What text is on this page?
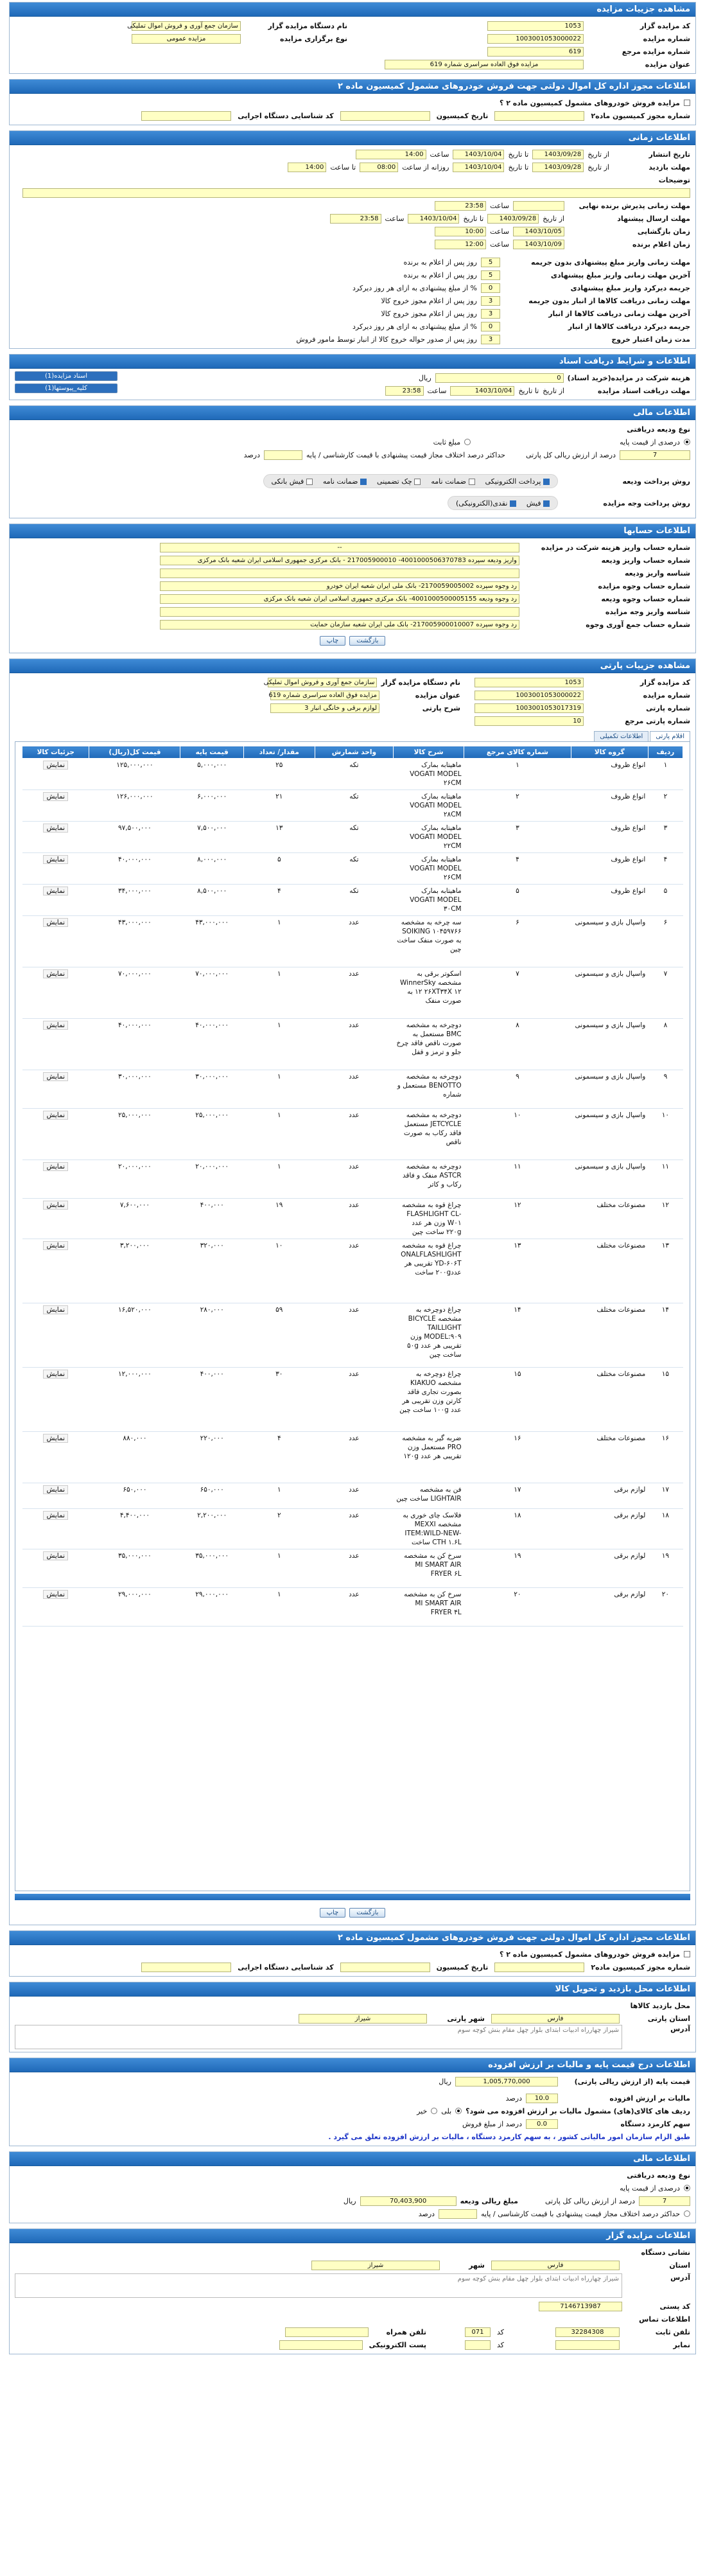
مشاهده جزییات مزایده
کد مزایده گزار
1053
نام دستگاه مزایده گزار
سازمان جمع آوری و فروش اموال تمليکی
شماره مزایده
1003001053000022
نوع برگزاری مزایده
مزایده عمومی
شماره مزایده مرجع
619
عنوان مزایده
مزایده فوق العاده سراسری شماره 619
اطلاعات مجوز اداره کل اموال دولتی جهت فروش خودروهای مشمول کمیسیون ماده ۲
مزایده فروش خودروهای مشمول کمیسیون ماده ۲ ؟
شماره مجوز کمیسیون ماده۲
تاریخ کمیسیون
کد شناسایی دستگاه اجرایی
اطلاعات زمانی
تاریخ انتشار
از تاریخ
1403/09/28
تا تاریخ
1403/10/04
ساعت
14:00
مهلت بازدید
از تاریخ
1403/09/28
تا تاریخ
1403/10/04
روزانه از ساعت
08:00
تا ساعت
14:00
توضیحات
مهلت زمانی پذیرش برنده نهایی
ساعت
23:58
مهلت ارسال پیشنهاد
از تاریخ
1403/09/28
تا تاریخ
1403/10/04
ساعت
23:58
زمان بازگشایی
1403/10/05
ساعت
10:00
زمان اعلام برنده
1403/10/09
ساعت
12:00
مهلت زمانی واریز مبلغ پیشنهادی بدون جریمه
5
روز پس از اعلام به برنده
آخرین مهلت زمانی واریز مبلغ پیشنهادی
5
روز پس از اعلام به برنده
جریمه دیرکرد واریز مبلغ پیشنهادی
0
% از مبلغ پیشنهادی به ازای هر روز دیرکرد
مهلت زمانی دریافت کالاها از انبار بدون جریمه
3
روز پس از اعلام مجوز خروج کالا
آخرین مهلت زمانی دریافت کالاها از انبار
3
روز پس از اعلام مجوز خروج کالا
جریمه دیرکرد دریافت کالاها از انبار
0
% از مبلغ پیشنهادی به ازای هر روز دیرکرد
مدت زمان اعتبار خروج
3
روز پس از صدور حواله خروج کالا از انبار توسط مامور فروش
اطلاعات و شرایط دریافت اسناد
هزینه شرکت در مزایده(خرید اسناد)
0
ریال
مهلت دریافت اسناد مزایده
از تاریخ
تا تاریخ
1403/10/04
ساعت
23:58
اسناد مزایده(1)
کلیه_پیوستها(1)
اطلاعات مالی
نوع ودیعه دریافتی
درصدی از قیمت پایه
مبلغ ثابت
7
درصد از ارزش ریالی کل پارتی
حداکثر درصد اختلاف مجاز قیمت پیشنهادی با قیمت کارشناسی / پایه
درصد
روش پرداخت ودیعه
پرداخت الکترونیکی
ضمانت نامه
چک تضمینی
ضمانت نامه
فیش بانکی
روش پرداخت وجه مزایده
فیش
نقدی(الکترونیکی)
اطلاعات حسابها
شماره حساب واریز هزینه شرکت در مزایده
--
شماره حساب واریز ودیعه
واریز ودیعه سپرده 4001000506370783- 217005900010 - بانک مرکزی جمهوری اسلامی ایران شعبه بانک مرکزی
شناسه واریز ودیعه
شماره حساب وجوه مزایده
رد وجوه سپرده 2170059005002- بانک ملی ایران شعبه ایران خودرو
شماره حساب وجوه ودیعه
رد وجوه ودیعه 4001000500005155- بانک مرکزی جمهوری اسلامی ایران شعبه بانک مرکزی
شناسه واریز وجه مزایده
شماره حساب جمع آوری وجوه
رد وجوه سپرده 217005900010007- بانک ملی ایران شعبه سازمان حمایت
بازگشت
چاپ
مشاهده جزییات پارتی
کد مزایده گزار
1053
نام دستگاه مزایده گزار
سازمان جمع آوری و فروش اموال تمليکی
شماره مزایده
1003001053000022
عنوان مزایده
مزایده فوق العاده سراسری شماره 619
شماره پارتی
1003001053017319
شرح پارتی
لوازم برقی و خانگی انبار 3
شماره پارتی مرجع
10
اقلام پارتی
اطلاعات تکمیلی
ردیف	گروه کالا	شماره کالای مرجع	شرح کالا	واحد شمارش	مقدار/ تعداد	قیمت پایه	قیمت کل(ریال)	جزئیات کالا
۱	انواع ظروف	۱	ماهیتابه بمارک VOGATI MODEL ۲۶CM	تکه	۲۵	۵,۰۰۰,۰۰۰	۱۲۵,۰۰۰,۰۰۰	نمایش
۲	انواع ظروف	۲	ماهیتابه بمارک VOGATI MODEL ۲۸CM	تکه	۲۱	۶,۰۰۰,۰۰۰	۱۲۶,۰۰۰,۰۰۰	نمایش
۳	انواع ظروف	۳	ماهیتابه بمارک VOGATI MODEL ۲۲CM	تکه	۱۳	۷,۵۰۰,۰۰۰	۹۷,۵۰۰,۰۰۰	نمایش
۴	انواع ظروف	۴	ماهیتابه بمارک VOGATI MODEL ۲۶CM	تکه	۵	۸,۰۰۰,۰۰۰	۴۰,۰۰۰,۰۰۰	نمایش
۵	انواع ظروف	۵	ماهیتابه بمارک VOGATI MODEL ۳۰CM	تکه	۴	۸,۵۰۰,۰۰۰	۳۴,۰۰۰,۰۰۰	نمایش
۶	واسپال بازی و سیسمونی	۶	سه چرخه به مشخصه SOIKING ۱۰۴۵۹۷۶۶ به صورت منفک ساخت چین	عدد	۱	۴۳,۰۰۰,۰۰۰	۴۳,۰۰۰,۰۰۰	نمایش
۷	واسپال بازی و سیسمونی	۷	اسکوتر برقی به مشخصه WinnerSky ۱۲ ۲۶XT۳۴X ۱۲ به صورت منفک	عدد	۱	۷۰,۰۰۰,۰۰۰	۷۰,۰۰۰,۰۰۰	نمایش
۸	واسپال بازی و سیسمونی	۸	دوچرخه به مشخصه BMC مستعمل به صورت ناقص فاقد چرخ جلو و ترمز و قفل	عدد	۱	۴۰,۰۰۰,۰۰۰	۴۰,۰۰۰,۰۰۰	نمایش
۹	واسپال بازی و سیسمونی	۹	دوچرخه به مشخصه BENOTTO مستعمل و شماره	عدد	۱	۳۰,۰۰۰,۰۰۰	۳۰,۰۰۰,۰۰۰	نمایش
۱۰	واسپال بازی و سیسمونی	۱۰	دوچرخه به مشخصه JETCYCLE مستعمل فاقد رکاب به صورت ناقص	عدد	۱	۲۵,۰۰۰,۰۰۰	۲۵,۰۰۰,۰۰۰	نمایش
۱۱	واسپال بازی و سیسمونی	۱۱	دوچرخه به مشخصه ASTCR منفک و فاقد رکاب و کاتر	عدد	۱	۲۰,۰۰۰,۰۰۰	۲۰,۰۰۰,۰۰۰	نمایش
۱۲	مصنوعات مختلف	۱۲	چراغ قوه به مشخصه FLASHLIGHT CL-W۰۱ وزن هر عدد ۲۲۰g ساخت چین	عدد	۱۹	۴۰۰,۰۰۰	۷,۶۰۰,۰۰۰	نمایش
۱۳	مصنوعات مختلف	۱۳	چراغ قوه به مشخصه ONALFLASHLIGHT YD-۶۰۶T تقریبی هر عدد۲۰۰g ساخت	عدد	۱۰	۳۲۰,۰۰۰	۳,۲۰۰,۰۰۰	نمایش
۱۴	مصنوعات مختلف	۱۴	چراغ دوچرخه به مشخصه BICYCLE TAILLIGHT MODEL:۹۰۹ وزن تقریبی هر عدد ۵۰g ساخت چین	عدد	۵۹	۲۸۰,۰۰۰	۱۶,۵۲۰,۰۰۰	نمایش
۱۵	مصنوعات مختلف	۱۵	چراغ دوچرخه به مشخصه KIAKUO بصورت تجاری فاقد کارتن وزن تقریبی هر عدد ۱۰۰g ساخت چین	عدد	۳۰	۴۰۰,۰۰۰	۱۲,۰۰۰,۰۰۰	نمایش
۱۶	مصنوعات مختلف	۱۶	ضربه گیر به مشخصه PRO مستعمل وزن تقریبی هر عدد ۱۲۰g	عدد	۴	۲۲۰,۰۰۰	۸۸۰,۰۰۰	نمایش
۱۷	لوازم برقی	۱۷	فن به مشخصه LIGHTAIR ساخت چین	عدد	۱	۶۵۰,۰۰۰	۶۵۰,۰۰۰	نمایش
۱۸	لوازم برقی	۱۸	فلاسک چای خوری به مشخصه MEXXI ITEM:WILD-NEW-CTH ۱.۶L ساخت	عدد	۲	۲,۲۰۰,۰۰۰	۴,۴۰۰,۰۰۰	نمایش
۱۹	لوازم برقی	۱۹	سرخ کن به مشخصه MI SMART AIR FRYER ۶L	عدد	۱	۳۵,۰۰۰,۰۰۰	۳۵,۰۰۰,۰۰۰	نمایش
۲۰	لوازم برقی	۲۰	سرخ کن به مشخصه MI SMART AIR FRYER ۴L	عدد	۱	۲۹,۰۰۰,۰۰۰	۲۹,۰۰۰,۰۰۰	نمایش
بازگشت
چاپ
اطلاعات مجوز اداره کل اموال دولتی جهت فروش خودروهای مشمول کمیسیون ماده ۲
مزایده فروش خودروهای مشمول کمیسیون ماده ۲ ؟
شماره مجوز کمیسیون ماده۲
تاریخ کمیسیون
کد شناسایی دستگاه اجرایی
اطلاعات محل بازدید و تحویل کالا
محل بازدید کالاها
استان پارتی
فارس
شهر پارتی
شیراز
آدرس
شیراز چهارراه ادبیات ابتدای بلوار چهل مقام بنش کوچه سوم
اطلاعات درج قیمت پایه و مالیات بر ارزش افزوده
قیمت پایه (از ارزش ریالی پارتی)
1,005,770,000
ریال
مالیات بر ارزش افزوده
10.0
درصد
ردیف های کالای(های) مشمول مالیات بر ارزش افزوده می شود؟
بلی
خیر
سهم کارمزد دستگاه
0.0
درصد از مبلغ فروش
طبق الزام سازمان امور مالیاتی کشور ، به سهم کارمزد دستگاه ، مالیات بر ارزش افزوده تعلق می گیرد .
اطلاعات مالی
نوع ودیعه دریافتی
درصدی از قیمت پایه
7
درصد از ارزش ریالی کل پارتی
مبلغ ریالی ودیعه
70,403,900
ریال
حداکثر درصد اختلاف مجاز قیمت پیشنهادی با قیمت کارشناسی / پایه
درصد
اطلاعات مزایده گزار
نشانی دستگاه
استان
فارس
شهر
شیراز
آدرس
شیراز چهارراه ادبیات ابتدای بلوار چهل مقام بنش کوچه سوم
کد پستی
7146713987
اطلاعات تماس
تلفن ثابت
32284308
کد
071
تلفن همراه
نمابر
کد
پست الکترونیکی
